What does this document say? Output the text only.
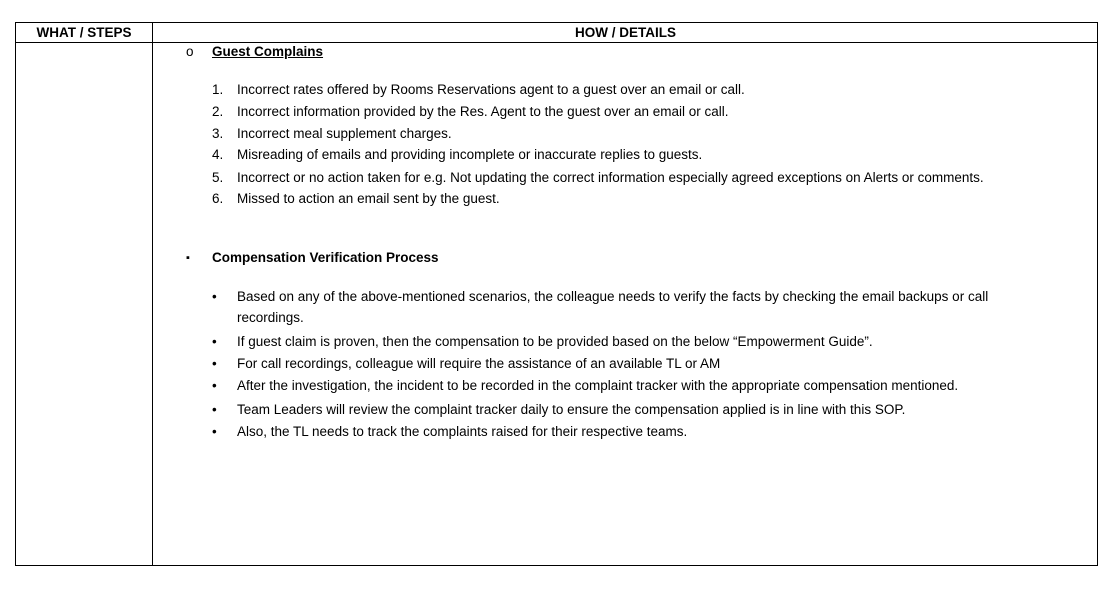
WHAT / STEPS	HOW / DETAILS
o Guest Complains
1. Incorrect rates offered by Rooms Reservations agent to a guest over an email or call.
2. Incorrect information provided by the Res. Agent to the guest over an email or call.
3. Incorrect meal supplement charges.
4. Misreading of emails and providing incomplete or inaccurate replies to guests.
5. Incorrect or no action taken for e.g. Not updating the correct information especially agreed exceptions on Alerts or comments.
6. Missed to action an email sent by the guest.
▪ Compensation Verification Process
• Based on any of the above-mentioned scenarios, the colleague needs to verify the facts by checking the email backups or call
recordings.
• If guest claim is proven, then the compensation to be provided based on the below “Empowerment Guide”.
• For call recordings, colleague will require the assistance of an available TL or AM
• After the investigation, the incident to be recorded in the complaint tracker with the appropriate compensation mentioned.
• Team Leaders will review the complaint tracker daily to ensure the compensation applied is in line with this SOP.
• Also, the TL needs to track the complaints raised for their respective teams.
